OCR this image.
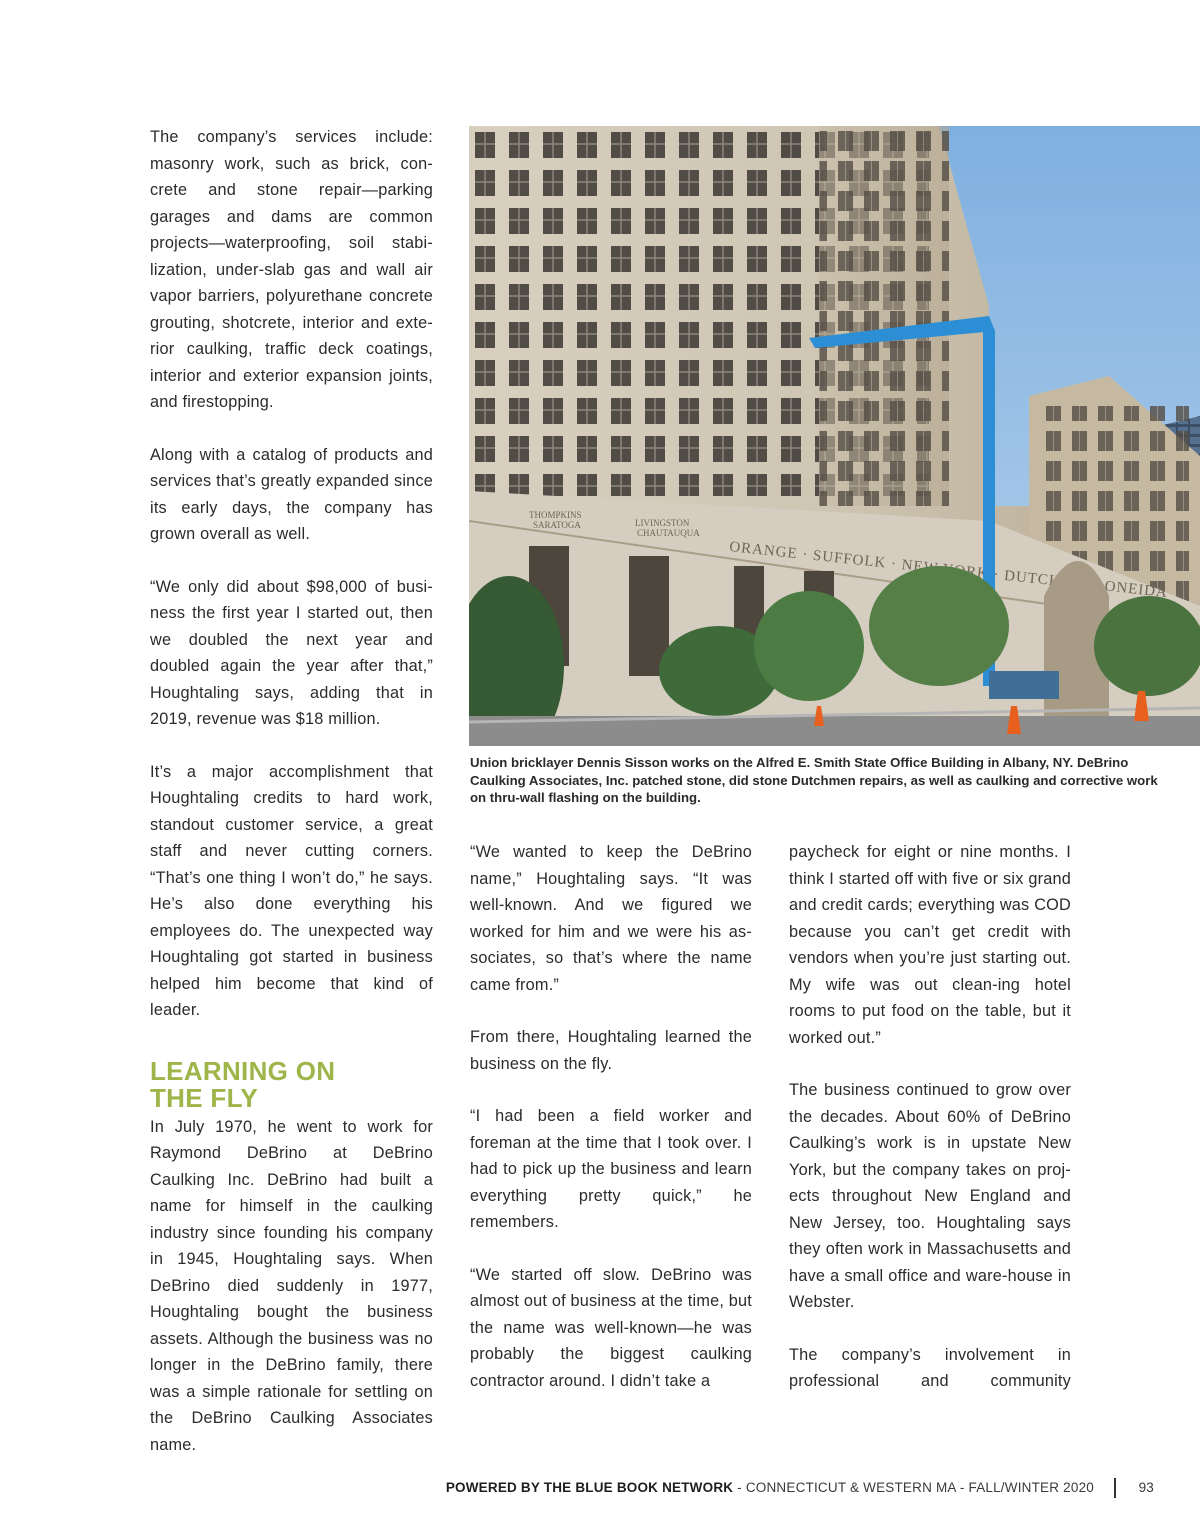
The company’s services include: masonry work, such as brick, con-crete and stone repair—parking garages and dams are common projects—waterproofing, soil stabi-lization, under-slab gas and wall air vapor barriers, polyurethane concrete grouting, shotcrete, interior and exte-rior caulking, traffic deck coatings, interior and exterior expansion joints, and firestopping.

Along with a catalog of products and services that’s greatly expanded since its early days, the company has grown overall as well.

“We only did about $98,000 of busi-ness the first year I started out, then we doubled the next year and doubled again the year after that,” Houghtaling says, adding that in 2019, revenue was $18 million.

It’s a major accomplishment that Houghtaling credits to hard work, standout customer service, a great staff and never cutting corners. “That’s one thing I won’t do,” he says. He’s also done everything his employees do. The unexpected way Houghtaling got started in business helped him become that kind of leader.

LEARNING ON
THE FLY

In July 1970, he went to work for Raymond DeBrino at DeBrino Caulking Inc. DeBrino had built a name for himself in the caulking industry since founding his company in 1945, Houghtaling says. When DeBrino died suddenly in 1977, Houghtaling bought the business assets. Although the business was no longer in the DeBrino family, there was a simple rationale for settling on the DeBrino Caulking Associates name.

ORANGE · SUFFOLK · NEW · DUTCHESS ONEIDA
THOMPKINS
SARATOGA	LIVINGSTON
CHAUTAUQUA
Union bricklayer Dennis Sisson works on the Alfred E. Smith State Office Building in Albany, NY. DeBrino Caulking Associates, Inc. patched stone, did stone Dutchmen repairs, as well as caulking and corrective work on thru-wall flashing on the building.

“We wanted to keep the DeBrino name,” Houghtaling says. “It was well-known. And we figured we worked for him and we were his as-sociates, so that’s where the name came from.”

From there, Houghtaling learned the business on the fly.

“I had been a field worker and foreman at the time that I took over. I had to pick up the business and learn everything pretty quick,” he remembers.

“We started off slow. DeBrino was almost out of business at the time, but the name was well-known—he was probably the biggest caulking contractor around. I didn’t take a

paycheck for eight or nine months. I think I started off with five or six grand and credit cards; everything was COD because you can’t get credit with vendors when you’re just starting out. My wife was out clean-ing hotel rooms to put food on the table, but it worked out.”

The business continued to grow over the decades. About 60% of DeBrino Caulking’s work is in upstate New York, but the company takes on proj-ects throughout New England and New Jersey, too. Houghtaling says they often work in Massachusetts and have a small office and ware-house in Webster.

The company’s involvement in professional and community

POWERED BY THE BLUE BOOK NETWORK - CONNECTICUT & WESTERN MA - FALL/WINTER 2020	93
